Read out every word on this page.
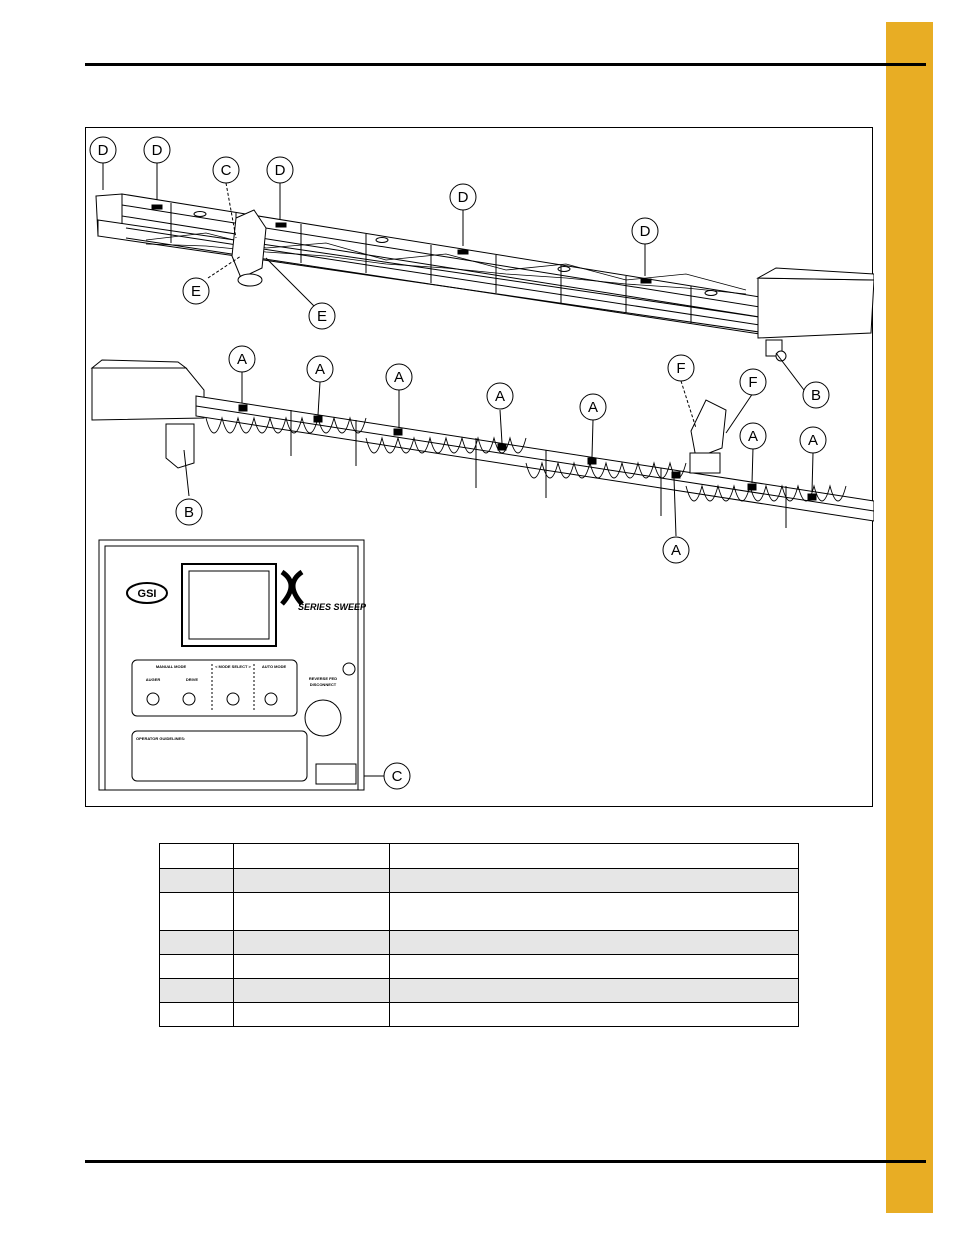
D	D
C	D
D
D
E
E
B
A
A	A
A
A
F
F
A	A
B
A
C
GSI
SERIES SWEEP
MANUAL MODE	< MODE SELECT >	AUTO MODE
AUGER	DRIVE	REVERSE FED
DISCONNECT
OPERATOR GUIDELINES:
